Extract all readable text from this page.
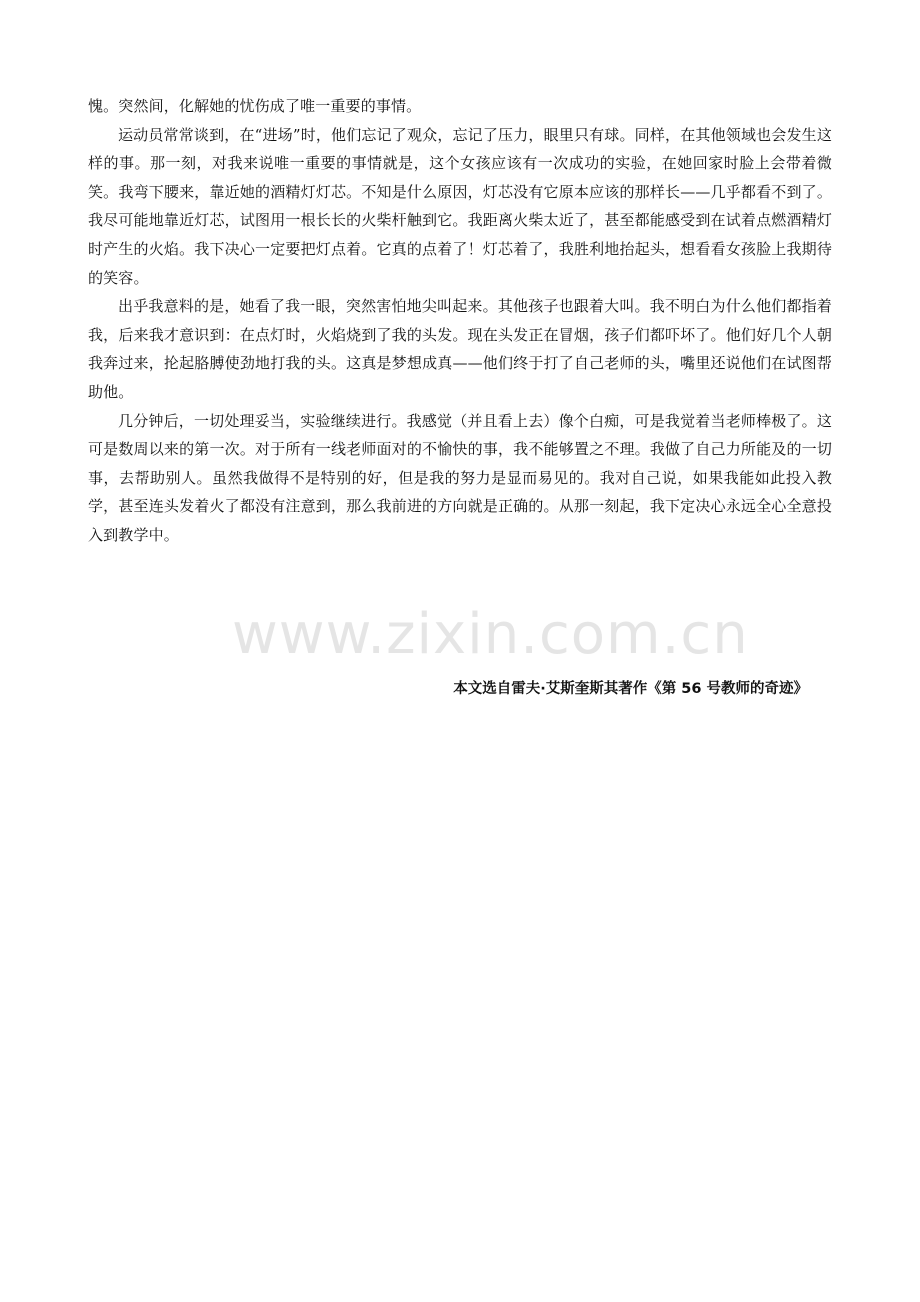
愧。突然间，化解她的忧伤成了唯一重要的事情。

运动员常常谈到，在“进场”时，他们忘记了观众，忘记了压力，眼里只有球。同样，在其他领域也会发生这样的事。那一刻，对我来说唯一重要的事情就是，这个女孩应该有一次成功的实验，在她回家时脸上会带着微笑。我弯下腰来，靠近她的酒精灯灯芯。不知是什么原因，灯芯没有它原本应该的那样长——几乎都看不到了。我尽可能地靠近灯芯，试图用一根长长的火柴杆触到它。我距离火柴太近了，甚至都能感受到在试着点燃酒精灯时产生的火焰。我下决心一定要把灯点着。它真的点着了！灯芯着了，我胜利地抬起头，想看看女孩脸上我期待的笑容。

出乎我意料的是，她看了我一眼，突然害怕地尖叫起来。其他孩子也跟着大叫。我不明白为什么他们都指着我，后来我才意识到：在点灯时，火焰烧到了我的头发。现在头发正在冒烟，孩子们都吓坏了。他们好几个人朝我奔过来，抡起胳膊使劲地打我的头。这真是梦想成真——他们终于打了自己老师的头，嘴里还说他们在试图帮助他。

几分钟后，一切处理妥当，实验继续进行。我感觉（并且看上去）像个白痴，可是我觉着当老师棒极了。这可是数周以来的第一次。对于所有一线老师面对的不愉快的事，我不能够置之不理。我做了自己力所能及的一切事，去帮助别人。虽然我做得不是特别的好，但是我的努力是显而易见的。我对自己说，如果我能如此投入教学，甚至连头发着火了都没有注意到，那么我前进的方向就是正确的。从那一刻起，我下定决心永远全心全意投入到教学中。

www.zixin.com.cn
本文选自雷夫·艾斯奎斯其著作《第 56 号教师的奇迹》
